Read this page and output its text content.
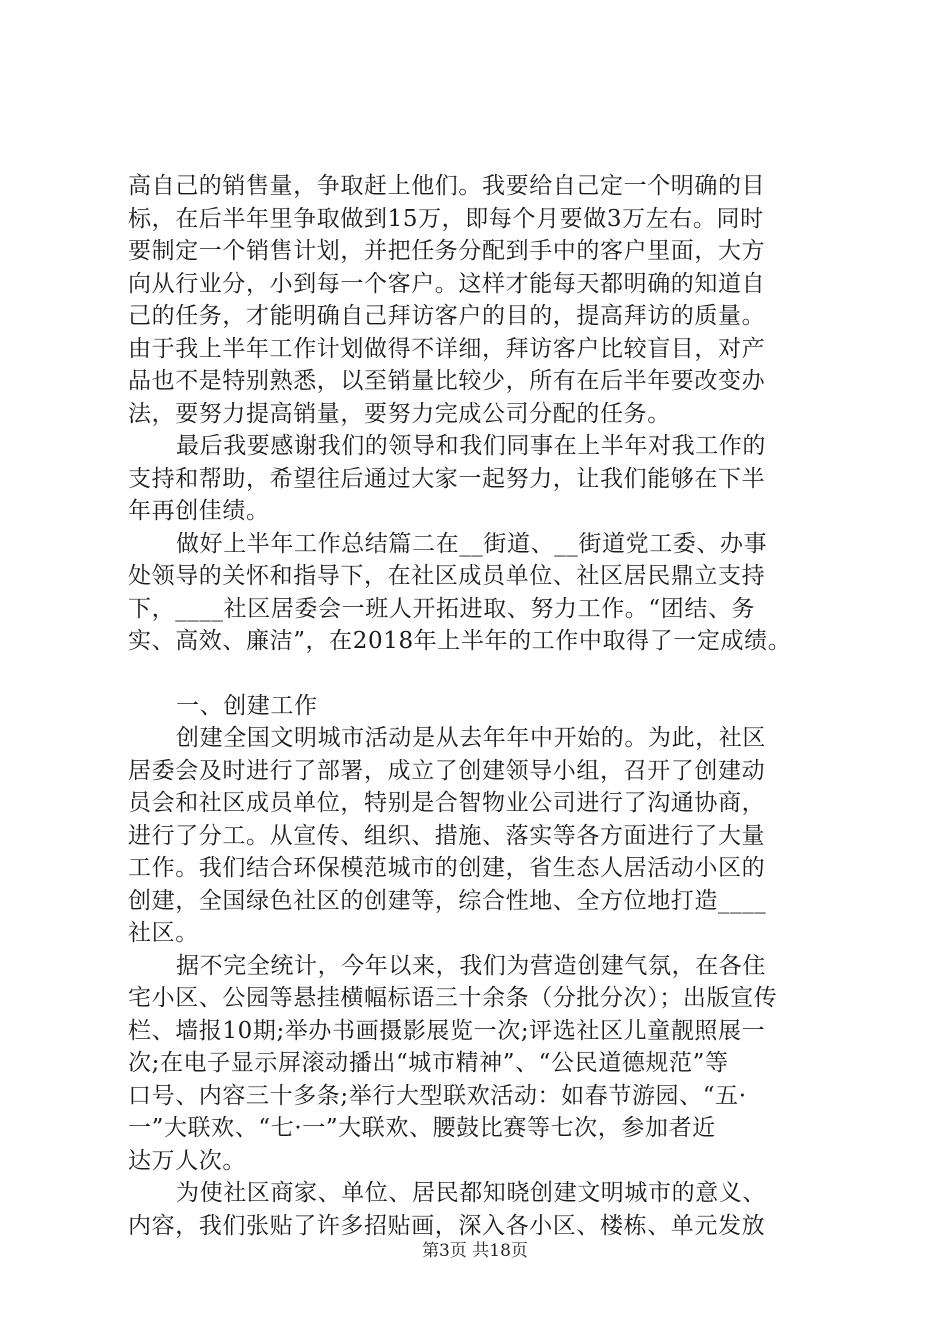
高自己的销售量，争取赶上他们。我要给自己定一个明确的目
标，在后半年里争取做到15万，即每个月要做3万左右。同时
要制定一个销售计划，并把任务分配到手中的客户里面，大方
向从行业分，小到每一个客户。这样才能每天都明确的知道自
己的任务，才能明确自己拜访客户的目的，提高拜访的质量。
由于我上半年工作计划做得不详细，拜访客户比较盲目，对产
品也不是特别熟悉，以至销量比较少，所有在后半年要改变办
法，要努力提高销量，要努力完成公司分配的任务。
最后我要感谢我们的领导和我们同事在上半年对我工作的
支持和帮助，希望往后通过大家一起努力，让我们能够在下半
年再创佳绩。
做好上半年工作总结篇二在__街道、__街道党工委、办事
处领导的关怀和指导下，在社区成员单位、社区居民鼎立支持
下，____社区居委会一班人开拓进取、努力工作。“团结、务
实、高效、廉洁”，在2018年上半年的工作中取得了一定成绩。
一、创建工作
创建全国文明城市活动是从去年年中开始的。为此，社区
居委会及时进行了部署，成立了创建领导小组，召开了创建动
员会和社区成员单位，特别是合智物业公司进行了沟通协商，
进行了分工。从宣传、组织、措施、落实等各方面进行了大量
工作。我们结合环保模范城市的创建，省生态人居活动小区的
创建，全国绿色社区的创建等，综合性地、全方位地打造____
社区。
据不完全统计，今年以来，我们为营造创建气氛，在各住
宅小区、公园等悬挂横幅标语三十余条（分批分次）；出版宣传
栏、墙报10期;举办书画摄影展览一次;评选社区儿童靓照展一
次;在电子显示屏滚动播出“城市精神”、“公民道德规范”等
口号、内容三十多条;举行大型联欢活动：如春节游园、“五·
一”大联欢、“七·一”大联欢、腰鼓比赛等七次，参加者近
达万人次。
为使社区商家、单位、居民都知晓创建文明城市的意义、
内容，我们张贴了许多招贴画，深入各小区、楼栋、单元发放
第3页 共18页
